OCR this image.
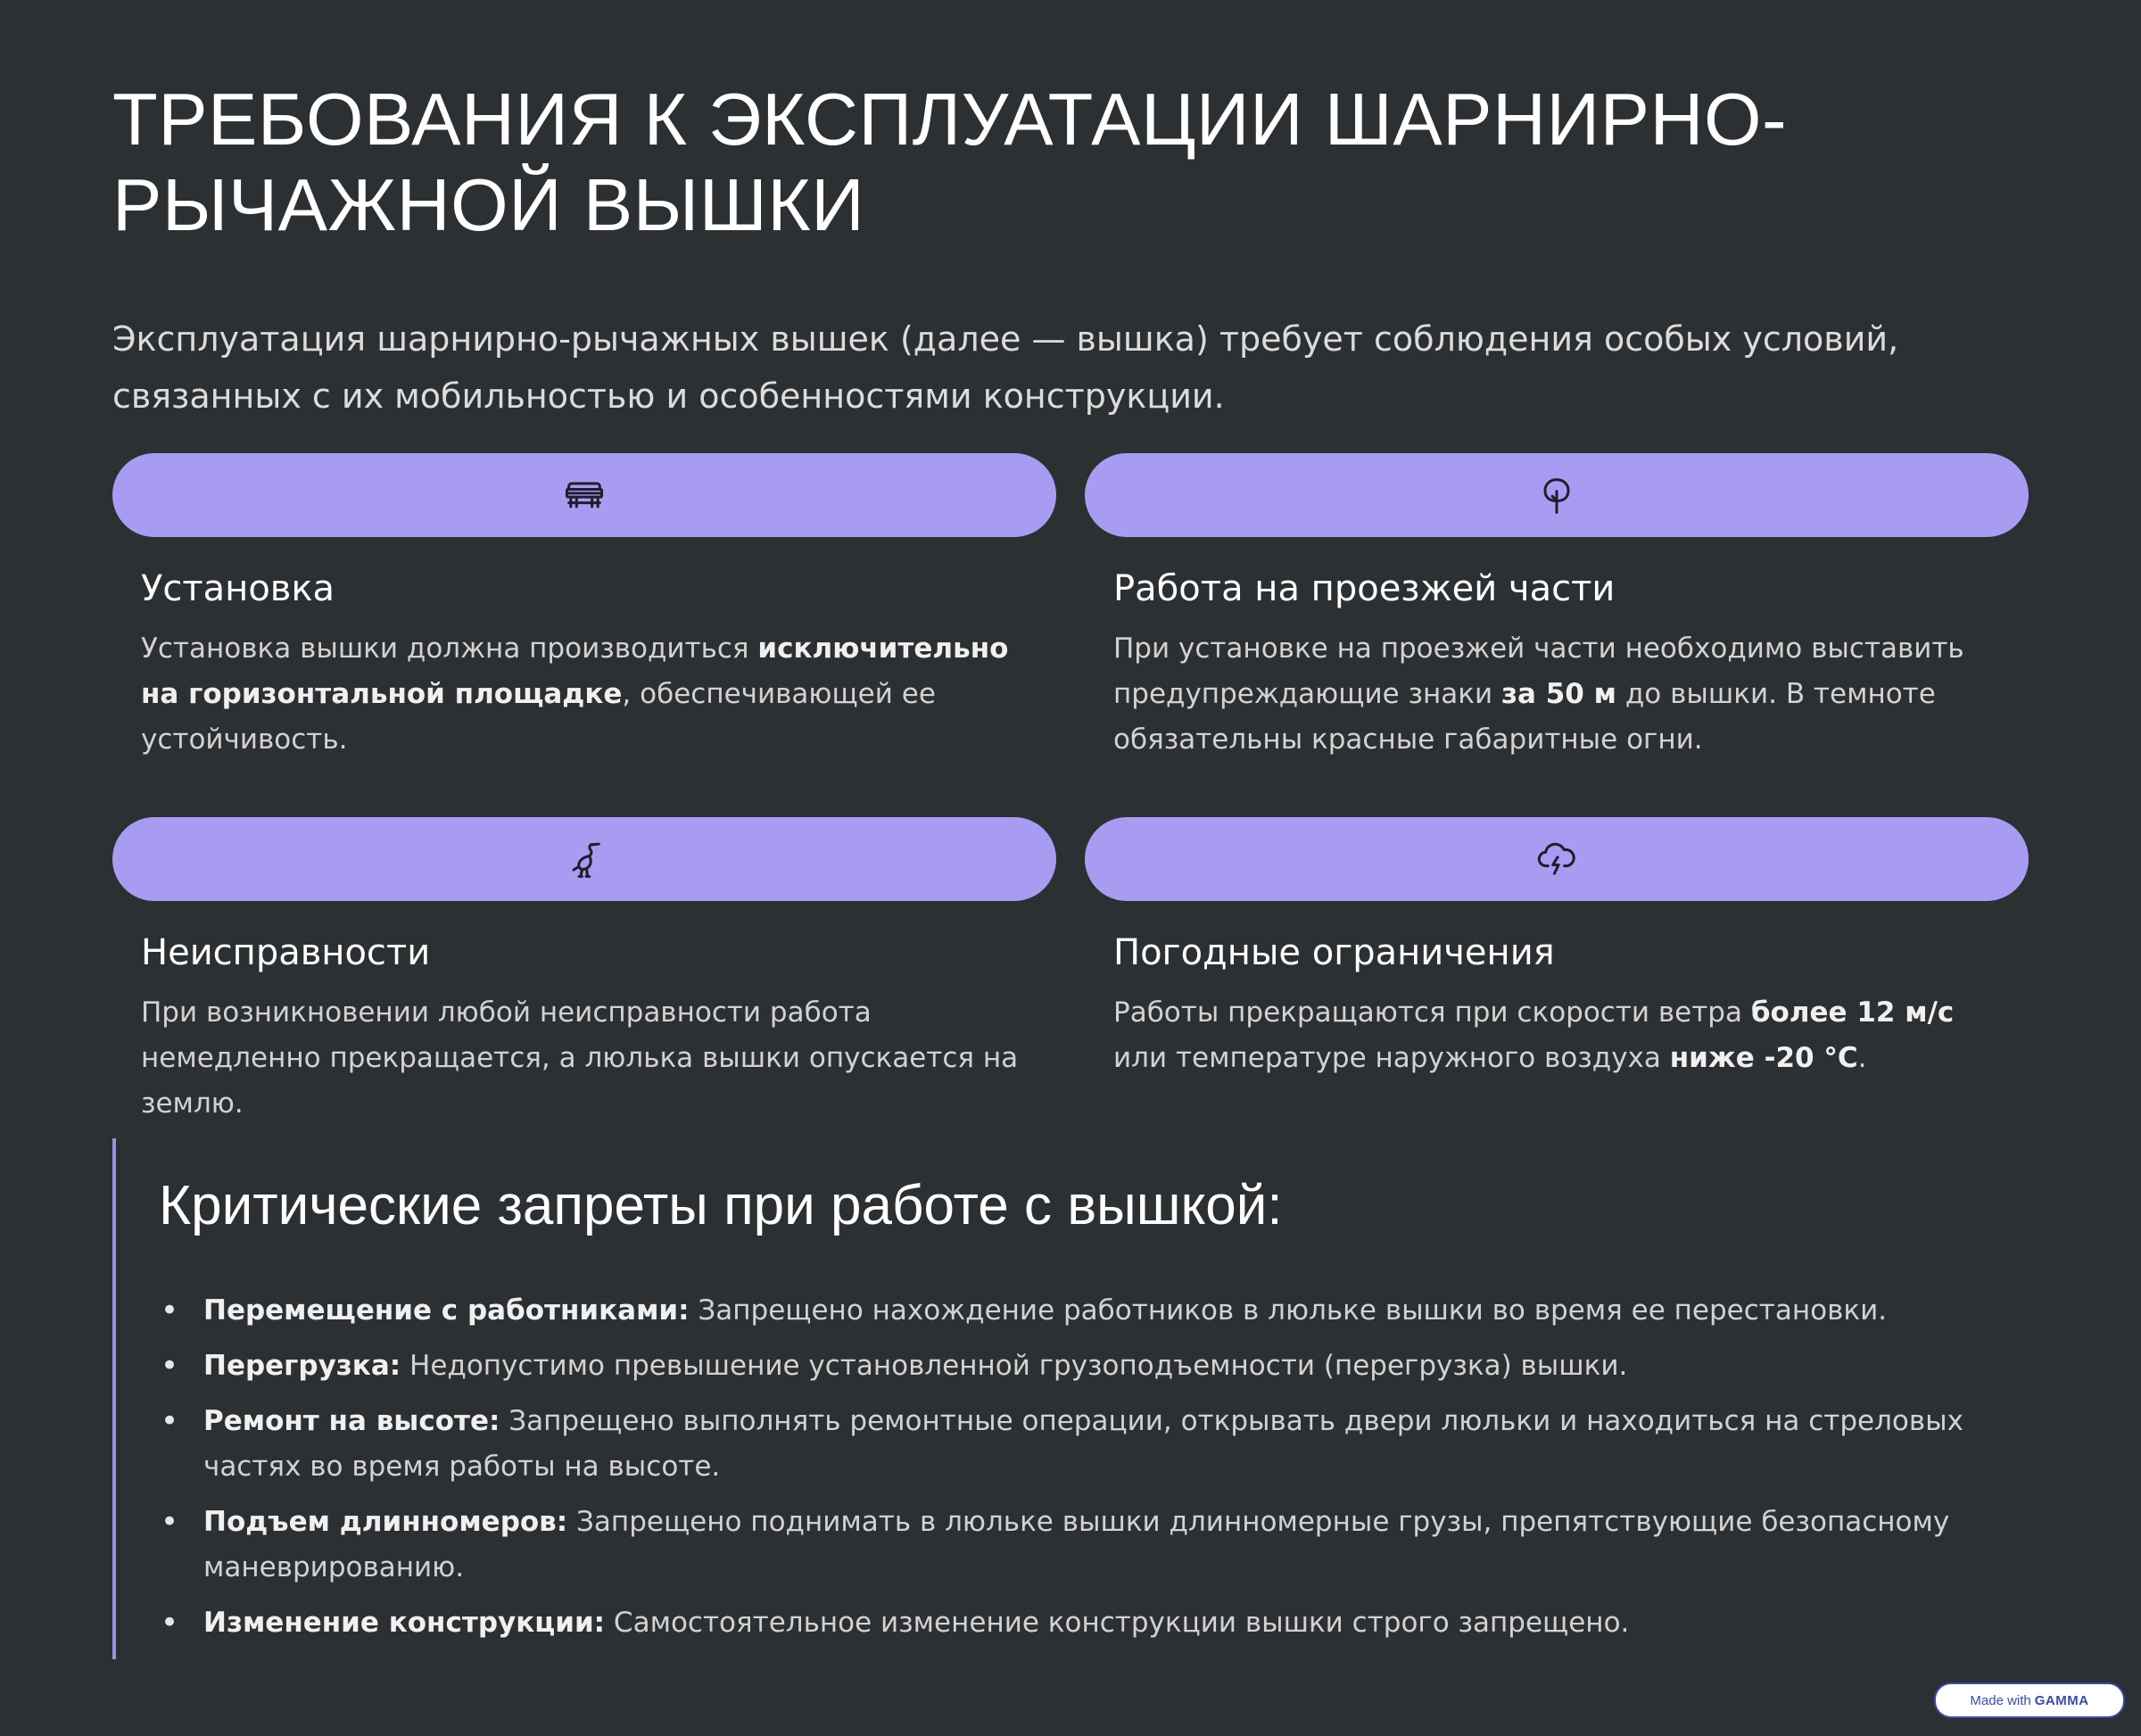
ТРЕБОВАНИЯ К ЭКСПЛУАТАЦИИ ШАРНИРНО-РЫЧАЖНОЙ ВЫШКИ

Эксплуатация шарнирно-рычажных вышек (далее — вышка) требует соблюдения особых условий, связанных с их мобильностью и особенностями конструкции.

Установка

Установка вышки должна производиться исключительно на горизонтальной площадке, обеспечивающей ее устойчивость.

Работа на проезжей части

При установке на проезжей части необходимо выставить предупреждающие знаки за 50 м до вышки. В темноте обязательны красные габаритные огни.

Неисправности

При возникновении любой неисправности работа немедленно прекращается, а люлька вышки опускается на землю.

Погодные ограничения

Работы прекращаются при скорости ветра более 12 м/с или температуре наружного воздуха ниже -20 °C.

Критические запреты при работе с вышкой:
• Перемещение с работниками: Запрещено нахождение работников в люльке вышки во время ее перестановки.
• Перегрузка: Недопустимо превышение установленной грузоподъемности (перегрузка) вышки.
• Ремонт на высоте: Запрещено выполнять ремонтные операции, открывать двери люльки и находиться на стреловых частях во время работы на высоте.
• Подъем длинномеров: Запрещено поднимать в люльке вышки длинномерные грузы, препятствующие безопасному маневрированию.
• Изменение конструкции: Самостоятельное изменение конструкции вышки строго запрещено.
Made with GAMMA
